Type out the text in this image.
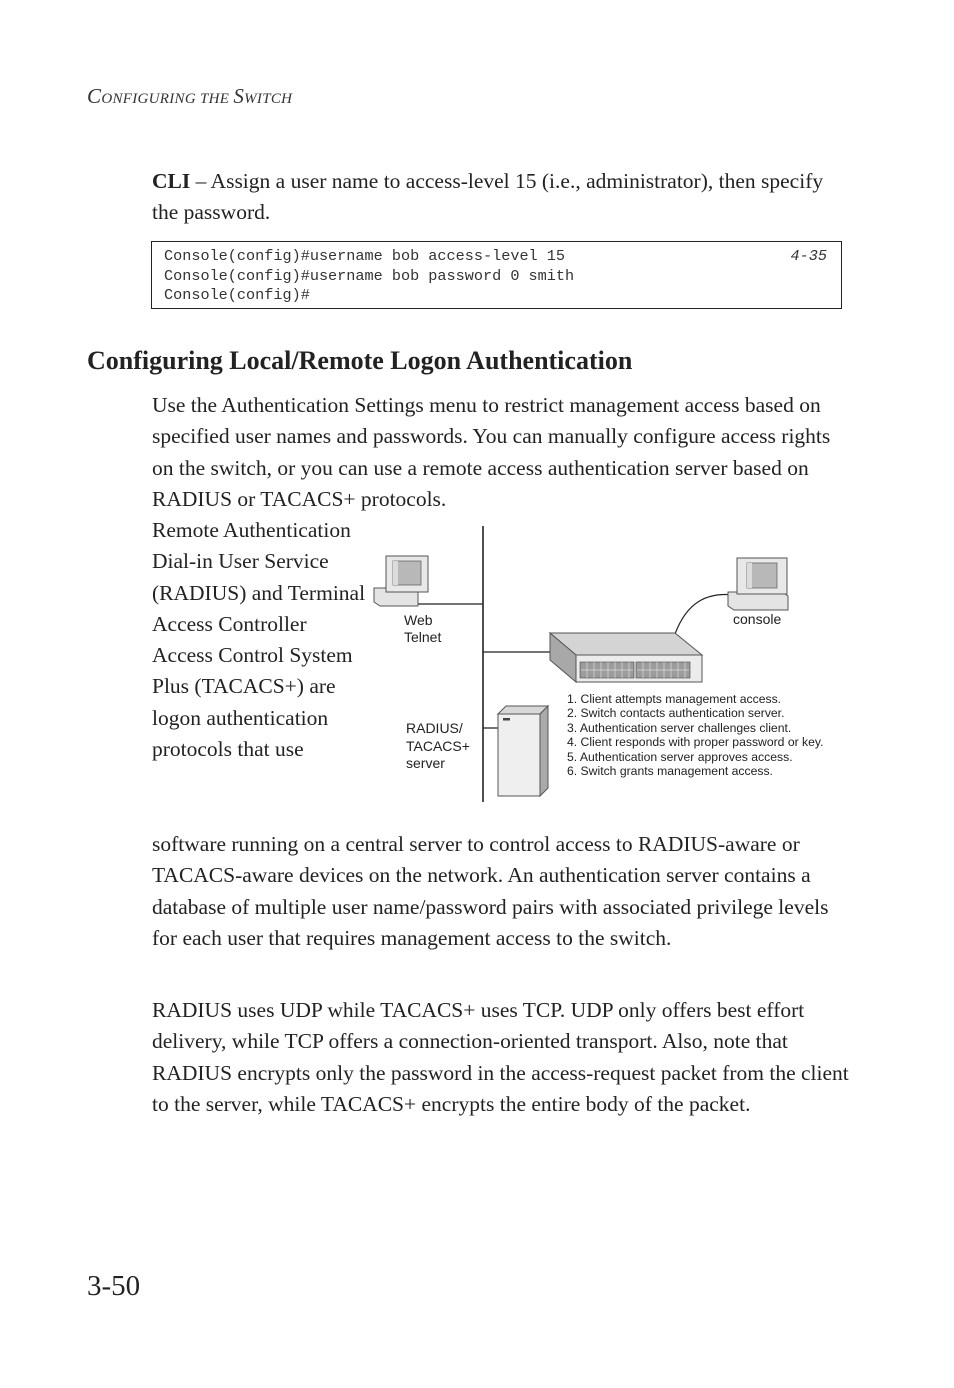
CONFIGURING THE SWITCH

CLI – Assign a user name to access-level 15 (i.e., administrator), then specify the password.

Console(config)#username bob access-level 15	4-35
Console(config)#username bob password 0 smith
Console(config)#
Configuring Local/Remote Logon Authentication

Use the Authentication Settings menu to restrict management access based on specified user names and passwords. You can manually configure access rights on the switch, or you can use a remote access authentication server based on RADIUS or TACACS+ protocols.

Remote Authentication Dial-in User Service (RADIUS) and Terminal Access Controller Access Control System Plus (TACACS+) are logon authentication protocols that use

Web
Telnet
console
RADIUS/
TACACS+
server
1. Client attempts management access.
2. Switch contacts authentication server.
3. Authentication server challenges client.
4. Client responds with proper password or key.
5. Authentication server approves access.
6. Switch grants management access.

software running on a central server to control access to RADIUS-aware or TACACS-aware devices on the network. An authentication server contains a database of multiple user name/password pairs with associated privilege levels for each user that requires management access to the switch.

RADIUS uses UDP while TACACS+ uses TCP. UDP only offers best effort delivery, while TCP offers a connection-oriented transport. Also, note that RADIUS encrypts only the password in the access-request packet from the client to the server, while TACACS+ encrypts the entire body of the packet.

3-50
